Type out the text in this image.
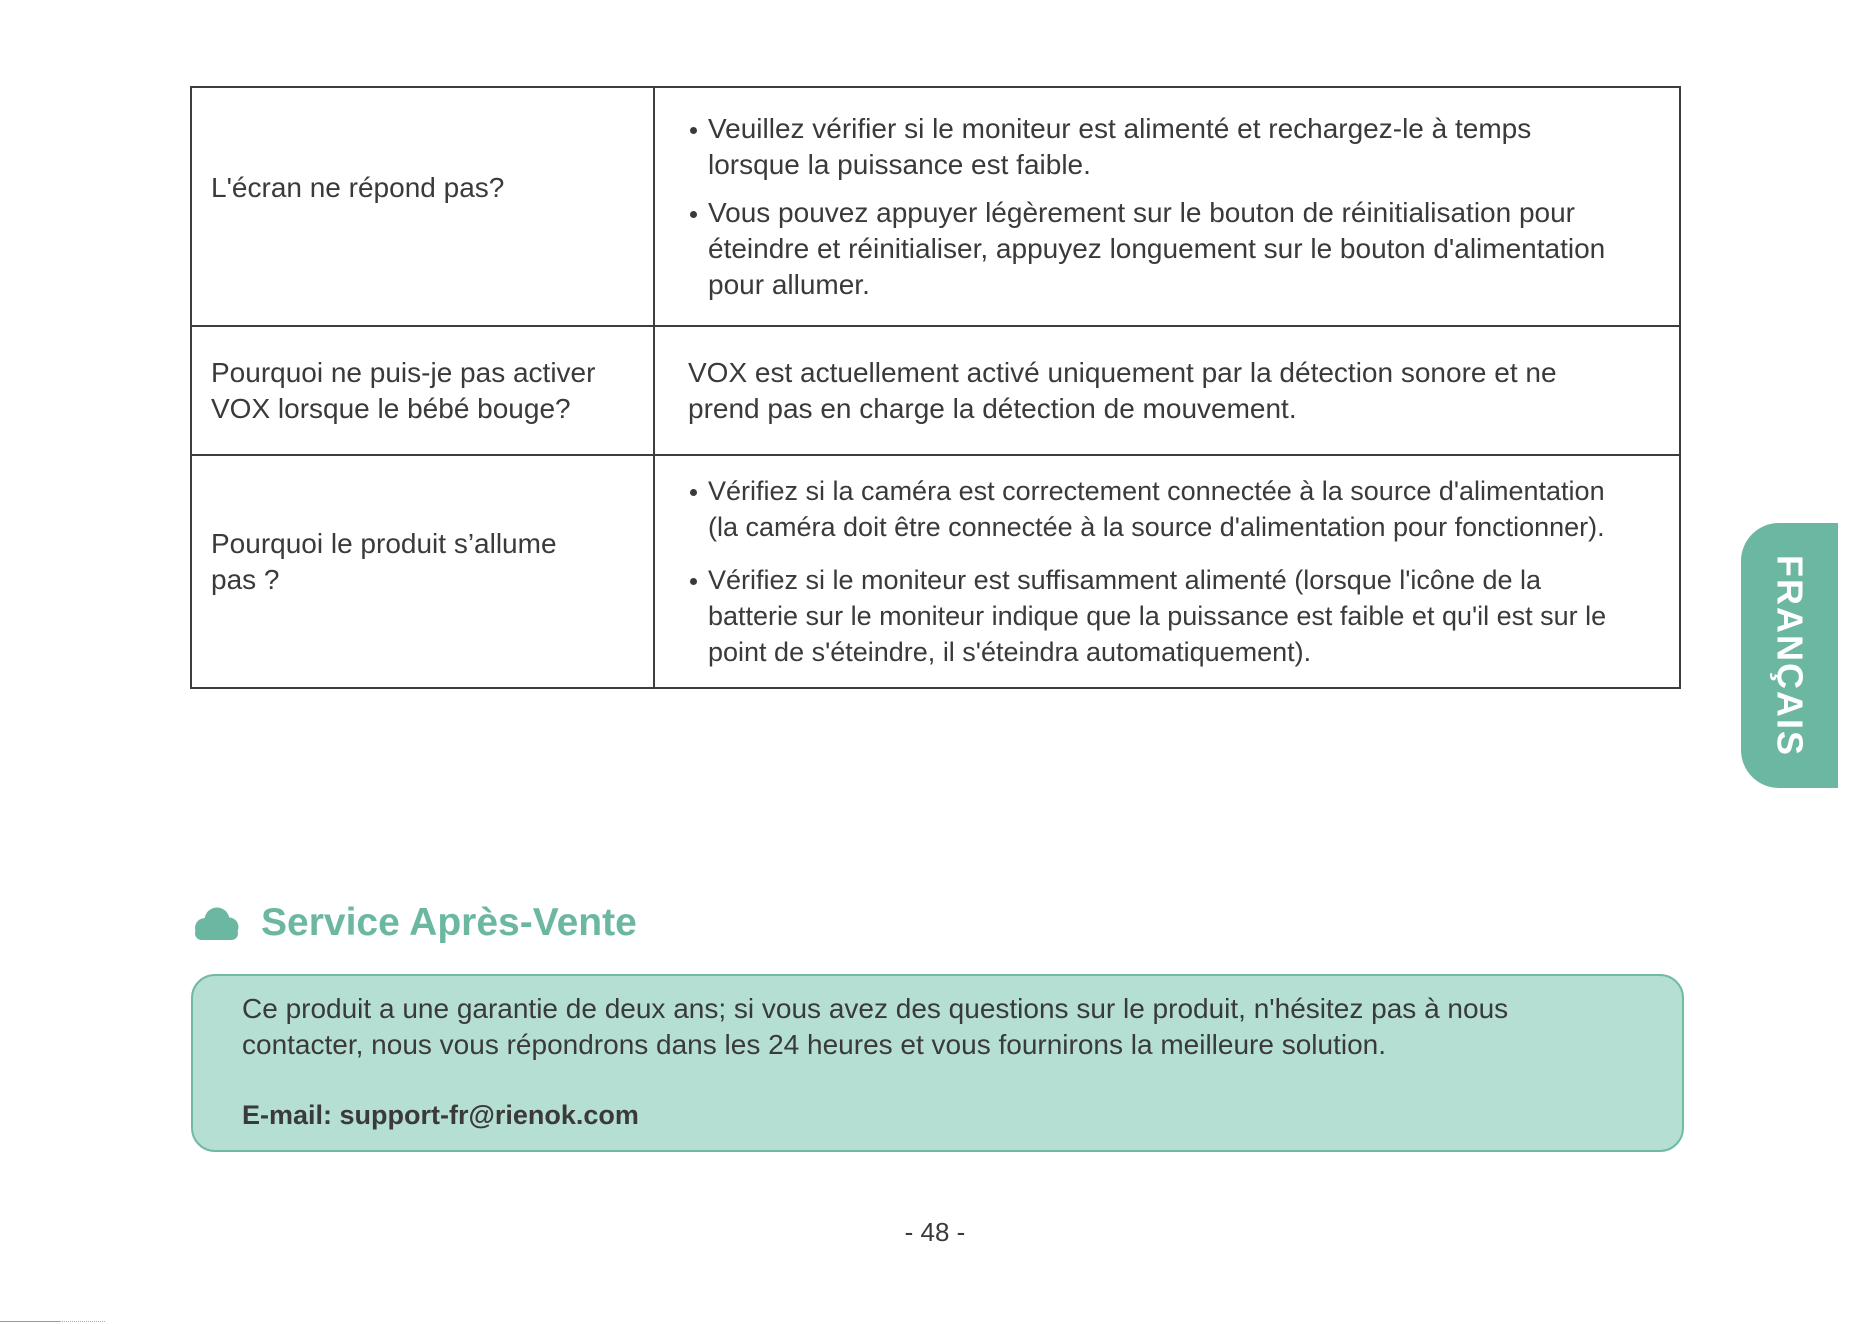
L'écran ne répond pas?
Veuillez vérifier si le moniteur est alimenté et rechargez-le à temps
lorsque la puissance est faible.
Vous pouvez appuyer légèrement sur le bouton de réinitialisation pour
éteindre et réinitialiser, appuyez longuement sur le bouton d'alimentation
pour allumer.
Pourquoi ne puis-je pas activer
VOX lorsque le bébé bouge?
VOX est actuellement activé uniquement par la détection sonore et ne
prend pas en charge la détection de mouvement.
Pourquoi le produit s’allume
pas ?
Vérifiez si la caméra est correctement connectée à la source d'alimentation
(la caméra doit être connectée à la source d'alimentation pour fonctionner).
Vérifiez si le moniteur est suffisamment alimenté (lorsque l'icône de la
batterie sur le moniteur indique que la puissance est faible et qu'il est sur le
point de s'éteindre, il s'éteindra automatiquement).	FRANÇAIS
Service Après-Vente
Ce produit a une garantie de deux ans; si vous avez des questions sur le produit, n'hésitez pas à nous
contacter, nous vous répondrons dans les 24 heures et vous fournirons la meilleure solution.
E-mail: support-fr@rienok.com
- 48 -
